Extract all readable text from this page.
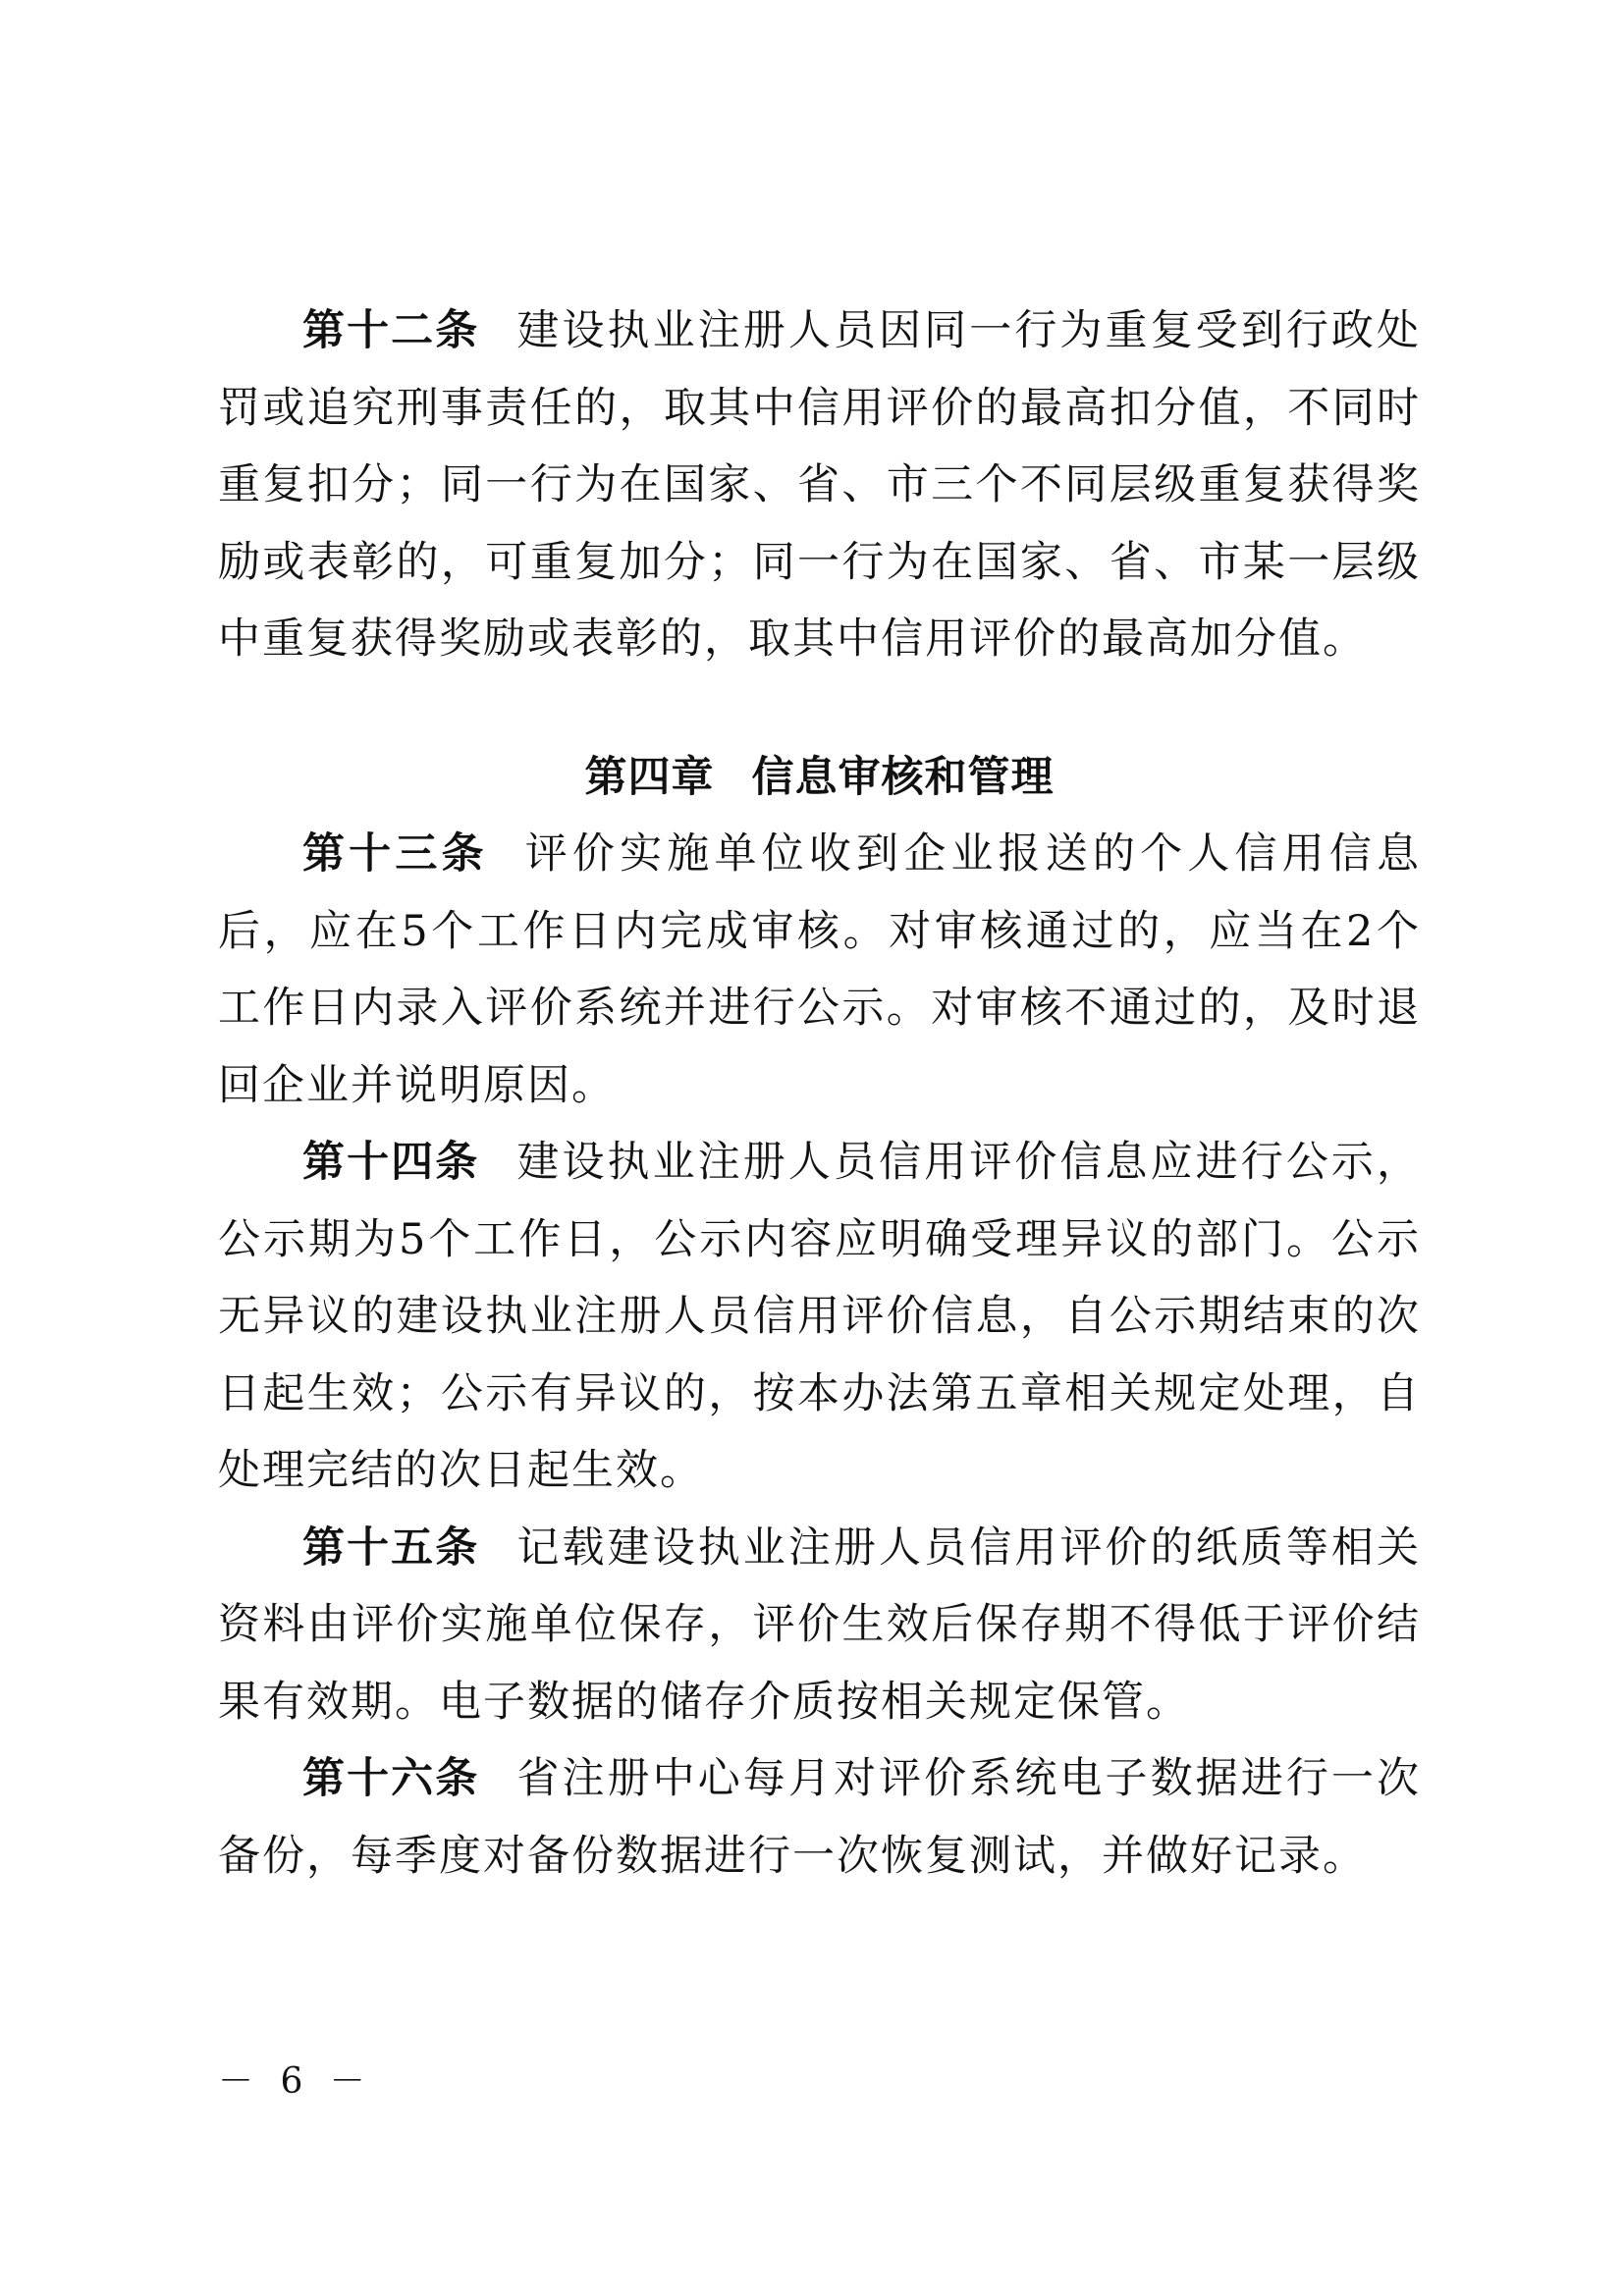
第十二条 建设执业注册人员因同一行为重复受到行政处罚或追究刑事责任的，取其中信用评价的最高扣分值，不同时重复扣分；同一行为在国家、省、市三个不同层级重复获得奖励或表彰的，可重复加分；同一行为在国家、省、市某一层级中重复获得奖励或表彰的，取其中信用评价的最高加分值。

第四章 信息审核和管理

第十三条 评价实施单位收到企业报送的个人信用信息后，应在5个工作日内完成审核。对审核通过的，应当在2个工作日内录入评价系统并进行公示。对审核不通过的，及时退回企业并说明原因。

第十四条 建设执业注册人员信用评价信息应进行公示，公示期为5个工作日，公示内容应明确受理异议的部门。公示无异议的建设执业注册人员信用评价信息，自公示期结束的次日起生效；公示有异议的，按本办法第五章相关规定处理，自处理完结的次日起生效。

第十五条 记载建设执业注册人员信用评价的纸质等相关资料由评价实施单位保存，评价生效后保存期不得低于评价结果有效期。电子数据的储存介质按相关规定保管。

第十六条 省注册中心每月对评价系统电子数据进行一次备份，每季度对备份数据进行一次恢复测试，并做好记录。

－ 6 －
